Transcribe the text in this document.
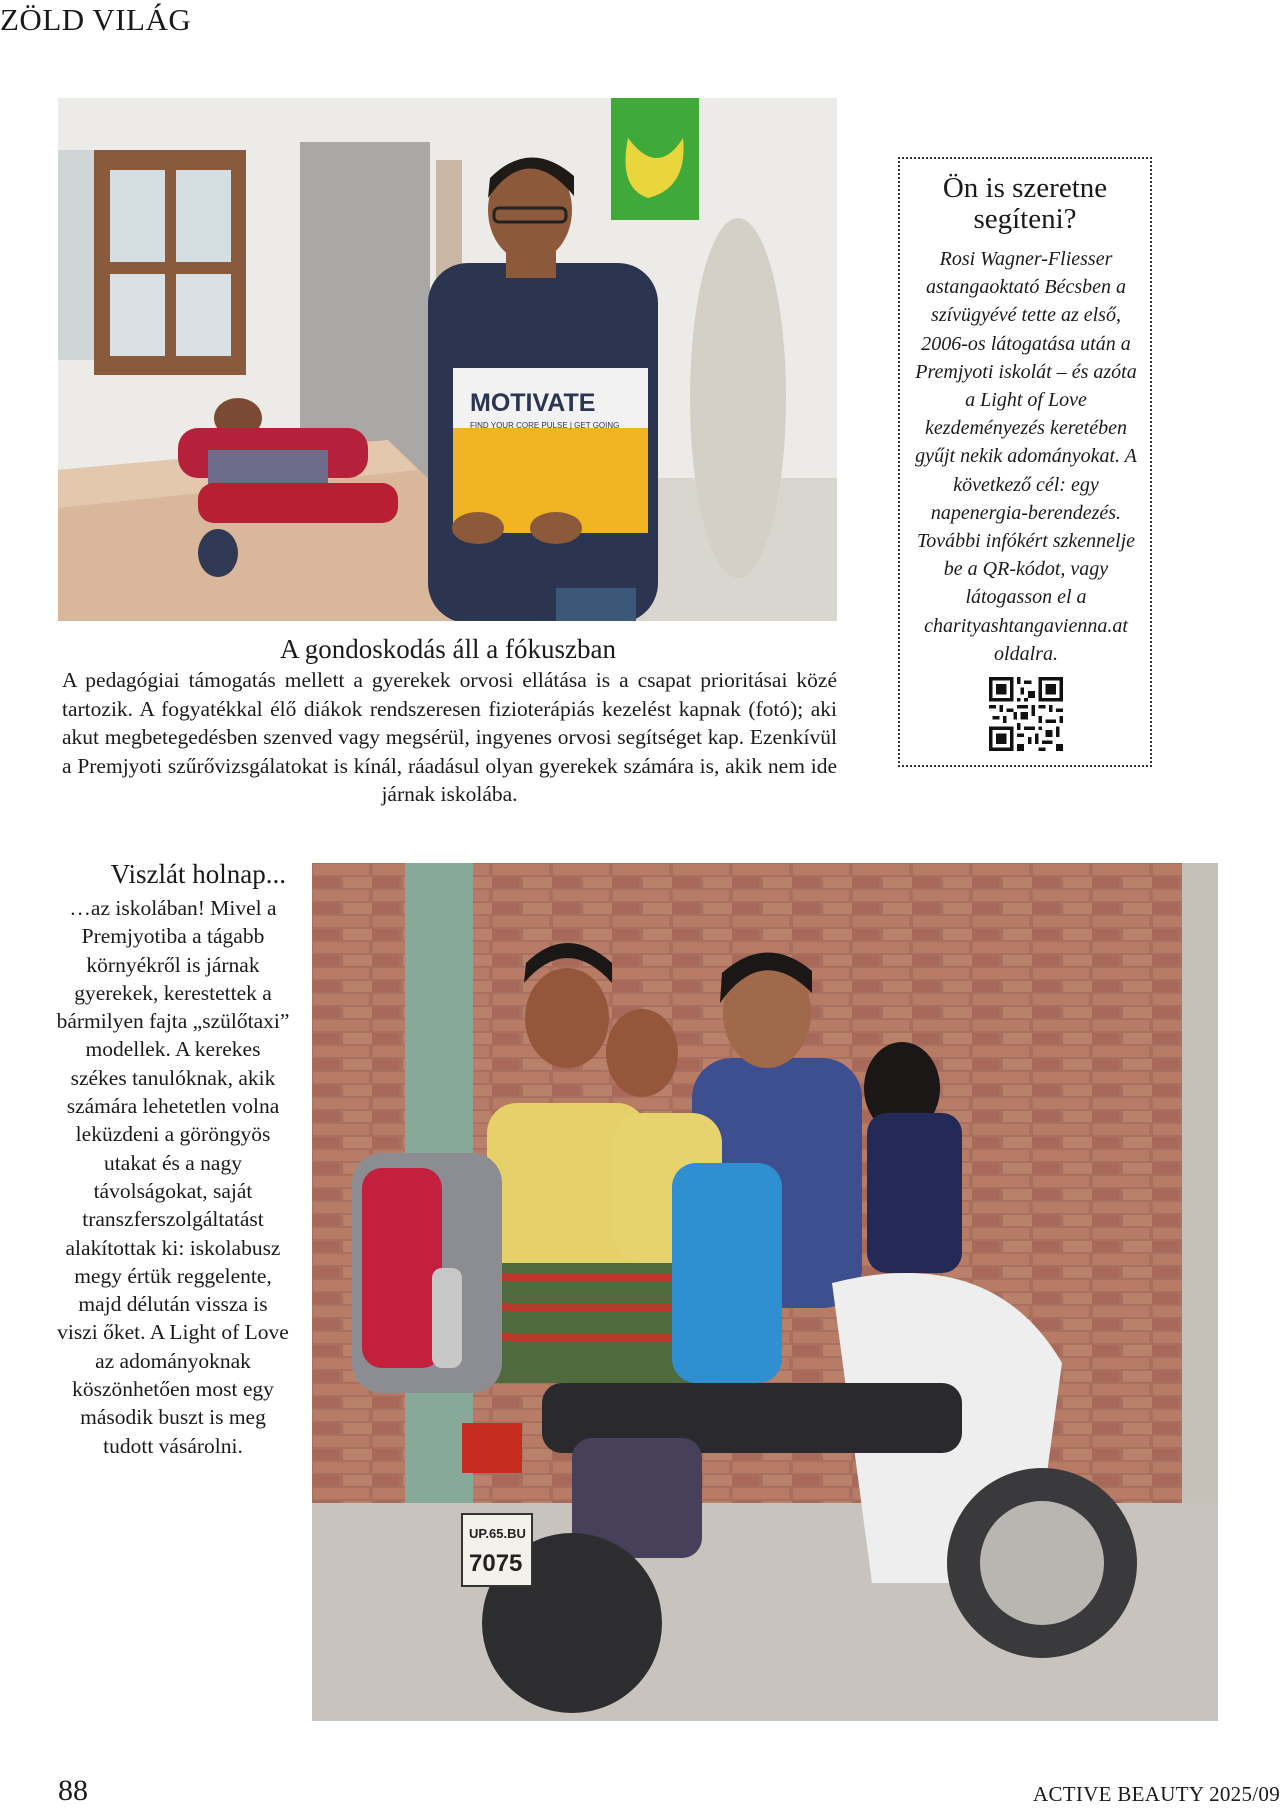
ZÖLD VILÁG
MOTIVATE
FIND YOUR CORE PULSE | GET GOING
A gondoskodás áll a fókuszban
A pedagógiai támogatás mellett a gyerekek orvosi ellátása is a csapat prioritásai közé tartozik. A fogyatékkal élő diákok rendszeresen fizioterápiás kezelést kapnak (fotó); aki akut megbetegedésben szenved vagy megsérül, ingyenes orvosi segítséget kap. Ezenkívül a Premjyoti szűrővizsgálatokat is kínál, ráadásul olyan gyerekek számára is, akik nem ide járnak iskolába.
Ön is szeretne segíteni?
Rosi Wagner-Fliesser astangaoktató Bécsben a szívügyévé tette az első, 2006-os látogatása után a Premjyoti iskolát – és azóta a Light of Love kezdeményezés keretében gyűjt nekik adományokat. A következő cél: egy napenergia-berendezés. További infókért szkennelje be a QR-kódot, vagy látogasson el a charityashtangavienna.at oldalra.
Viszlát holnap...
…az iskolában! Mivel a Premjyotiba a tágabb környékről is járnak gyerekek, kerestettek a bármilyen fajta „szülőtaxi” modellek. A kerekes székes tanulóknak, akik számára lehetetlen volna leküzdeni a göröngyös utakat és a nagy távolságokat, saját transzferszolgáltatást alakítottak ki: iskolabusz megy értük reggelente, majd délután vissza is viszi őket. A Light of Love az adományoknak köszönhetően most egy második buszt is meg tudott vásárolni.
UP.65.BU
7075
88	ACTIVE BEAUTY 2025/09
